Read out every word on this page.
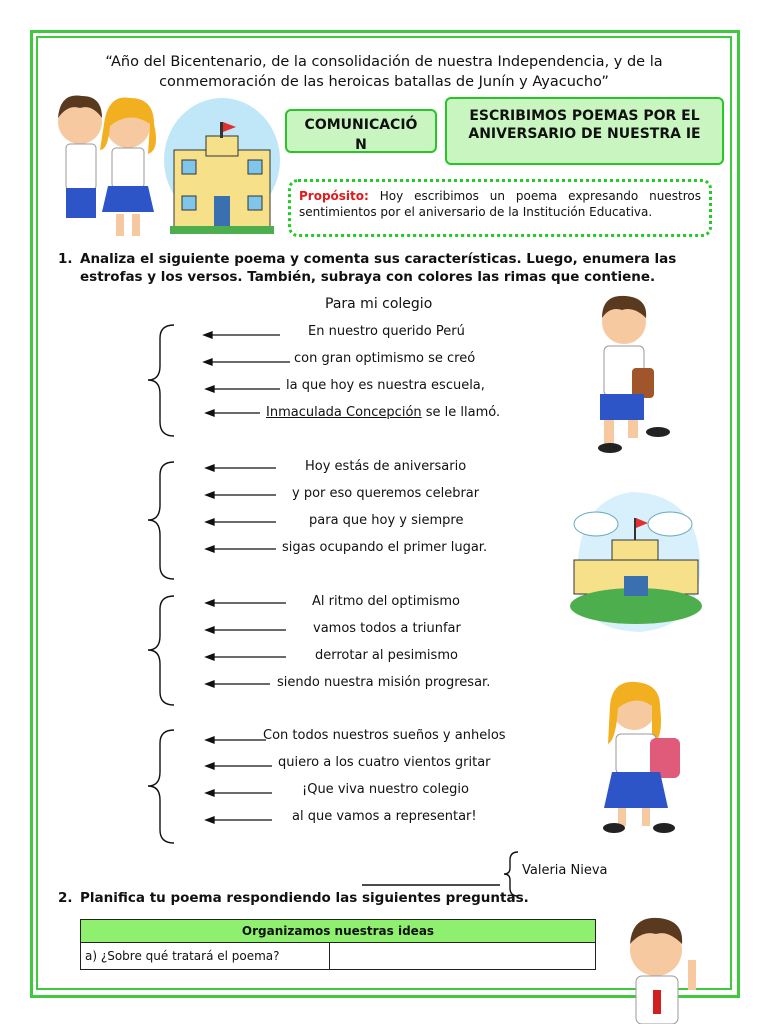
“Año del Bicentenario, de la consolidación de nuestra Independencia, y de la
conmemoración de las heroicas batallas de Junín y Ayacucho”
COMUNICACIÓ
N
ESCRIBIMOS POEMAS POR EL
ANIVERSARIO DE NUESTRA IE
Propósito: Hoy escribimos un poema expresando nuestros sentimientos por el aniversario de la Institución Educativa.
1. Analiza el siguiente poema y comenta sus características. Luego, enumera las
estrofas y los versos. También, subraya con colores las rimas que contiene.
Para mi colegio
En nuestro querido Perú
con gran optimismo se creó
la que hoy es nuestra escuela,
Inmaculada Concepción se le llamó.
Hoy estás de aniversario
y por eso queremos celebrar
para que hoy y siempre
sigas ocupando el primer lugar.
Al ritmo del optimismo
vamos todos a triunfar
derrotar al pesimismo
siendo nuestra misión progresar.
Con todos nuestros sueños y anhelos
quiero a los cuatro vientos gritar
¡Que viva nuestro colegio
al que vamos a representar!
Valeria Nieva
2. Planifica tu poema respondiendo las siguientes preguntas.
Organizamos nuestras ideas
a) ¿Sobre qué tratará el poema?	
